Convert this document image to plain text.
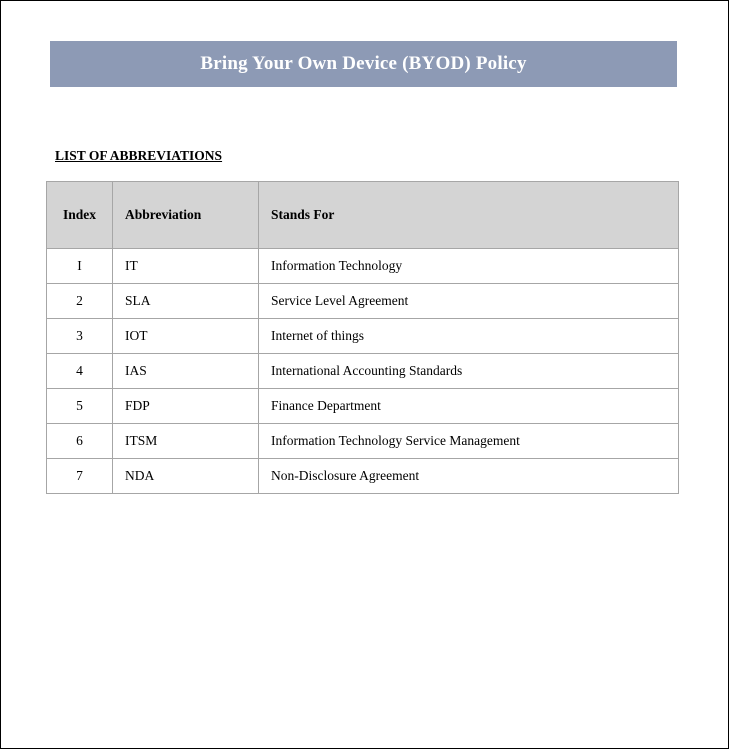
Bring Your Own Device (BYOD) Policy
LIST OF ABBREVIATIONS
Index	Abbreviation	Stands For
I	IT	Information Technology
2	SLA	Service Level Agreement
3	IOT	Internet of things
4	IAS	International Accounting Standards
5	FDP	Finance Department
6	ITSM	Information Technology Service Management
7	NDA	Non-Disclosure Agreement
